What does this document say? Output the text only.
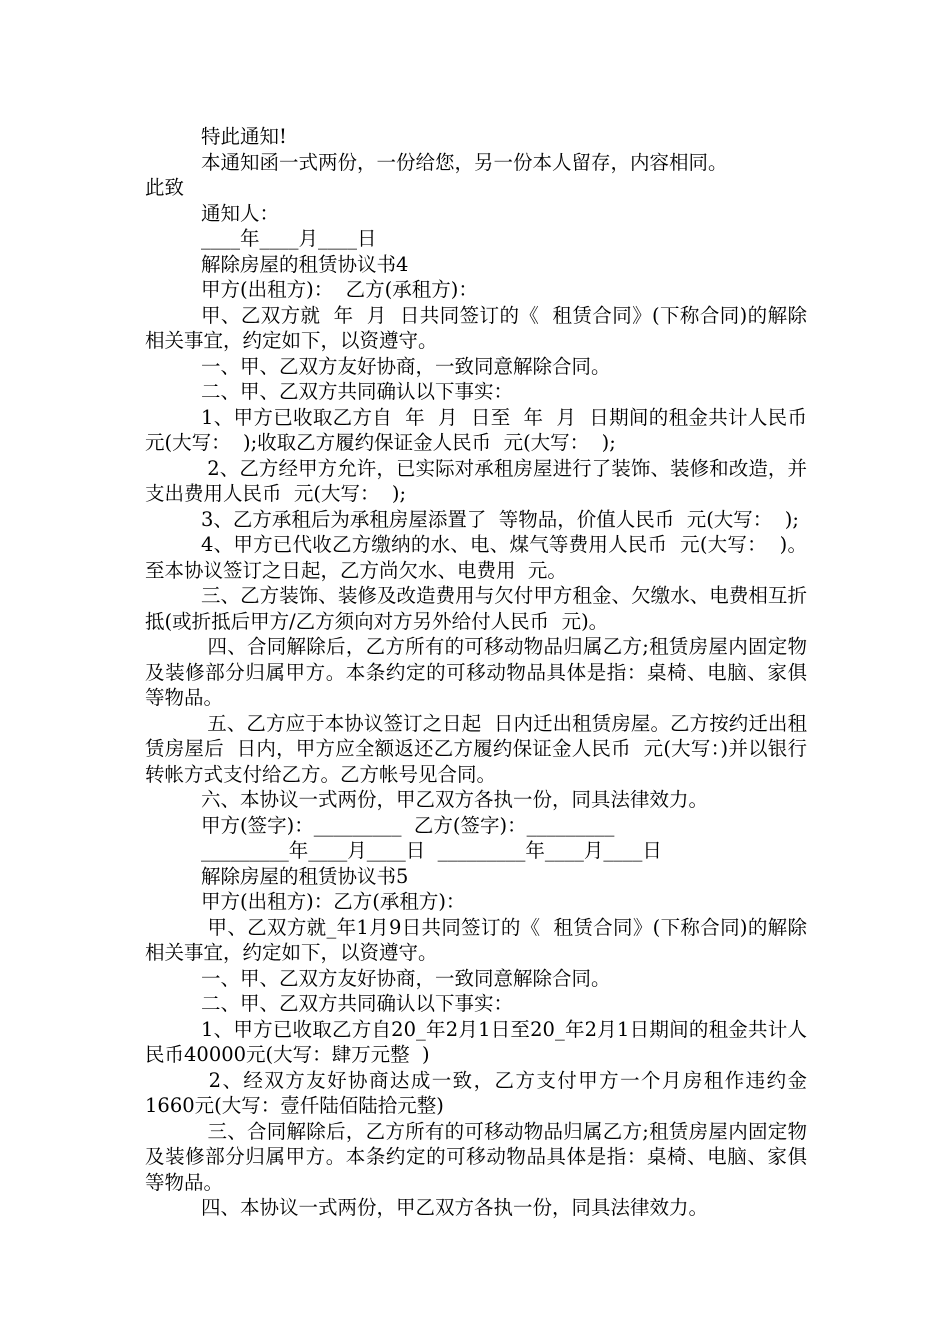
特此通知!

本通知函一式两份，一份给您，另一份本人留存，内容相同。

此致

通知人：

____年____月____日

解除房屋的租赁协议书4

甲方(出租方)：  乙方(承租方)：

甲、乙双方就  年  月  日共同签订的《  租赁合同》(下称合同)的解除相关事宜，约定如下，以资遵守。

一、甲、乙双方友好协商，一致同意解除合同。

二、甲、乙双方共同确认以下事实：

1、甲方已收取乙方自  年  月  日至  年  月  日期间的租金共计人民币  元(大写：  );收取乙方履约保证金人民币  元(大写：  );

2、乙方经甲方允许，已实际对承租房屋进行了装饰、装修和改造，并支出费用人民币  元(大写：  );

3、乙方承租后为承租房屋添置了  等物品，价值人民币  元(大写：  );

4、甲方已代收乙方缴纳的水、电、煤气等费用人民币  元(大写：  )。至本协议签订之日起，乙方尚欠水、电费用  元。

三、乙方装饰、装修及改造费用与欠付甲方租金、欠缴水、电费相互折抵(或折抵后甲方/乙方须向对方另外给付人民币  元)。

四、合同解除后，乙方所有的可移动物品归属乙方;租赁房屋内固定物及装修部分归属甲方。本条约定的可移动物品具体是指：桌椅、电脑、家俱等物品。

五、乙方应于本协议签订之日起  日内迁出租赁房屋。乙方按约迁出租赁房屋后  日内，甲方应全额返还乙方履约保证金人民币  元(大写：)并以银行转帐方式支付给乙方。乙方帐号见合同。

六、本协议一式两份，甲乙双方各执一份，同具法律效力。

甲方(签字)：_________  乙方(签字)：_________

_________年____月____日  _________年____月____日

解除房屋的租赁协议书5

甲方(出租方)：乙方(承租方)：

甲、乙双方就_年1月9日共同签订的《  租赁合同》(下称合同)的解除相关事宜，约定如下，以资遵守。

一、甲、乙双方友好协商，一致同意解除合同。

二、甲、乙双方共同确认以下事实：

1、甲方已收取乙方自20_年2月1日至20_年2月1日期间的租金共计人民币40000元(大写：肆万元整  )

2、经双方友好协商达成一致，乙方支付甲方一个月房租作违约金1660元(大写：壹仟陆佰陆拾元整)

三、合同解除后，乙方所有的可移动物品归属乙方;租赁房屋内固定物及装修部分归属甲方。本条约定的可移动物品具体是指：桌椅、电脑、家俱等物品。

四、本协议一式两份，甲乙双方各执一份，同具法律效力。
